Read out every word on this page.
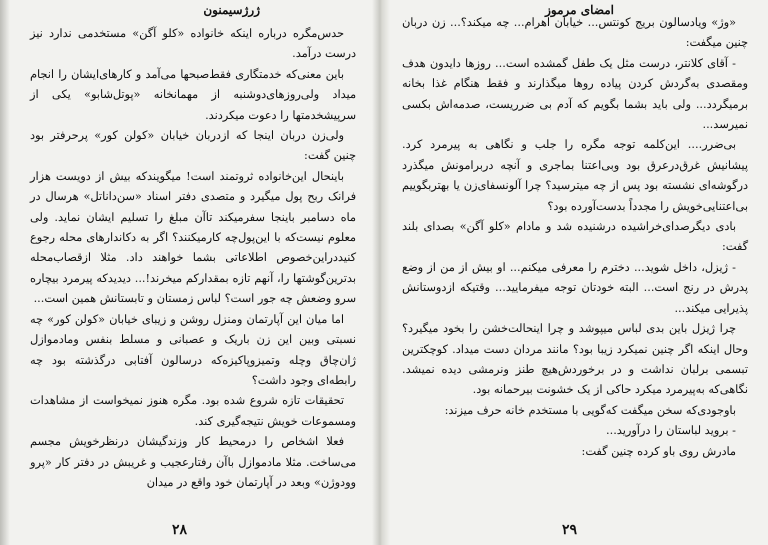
ژرژسیمنون

حدس‌مگره درباره اینکه خانواده «کلو آگن» مستخدمی ندارد نیز درست درآمد.

باین معنی‌که خدمتگاری فقط‌صبحها می‌آمد و کارهای‌ایشان را انجام میداد ولی‌روزهای‌دوشنبه از مهمانخانه «پوتل‌شابو» یکی از سرپیشخدمتها را دعوت میکردند.

ولی‌زن دربان اینجا که ازدربان خیابان «کولن کور» پرحرفتر بود چنین گفت:

باینحال این‌خانواده ثروتمند است! میگویند‌که بیش از دویست هزار فرانک ربح پول میگیرد و متصدی دفتر اسناد «سن‌داناتل» هرسال در ماه دسامبر باینجا سفرمیکند تاآن مبلغ را تسلیم ایشان نماید. ولی معلوم نیست‌که با این‌پول‌چه کارمیکنند؟ اگر به دکاندارهای محله رجوع کنیددراین‌خصوص اطلاعاتی بشما خواهند داد. مثلا ازقصاب‌محله بدترین‌گوشتها را، آنهم تازه بمقدارکم میخرند!... دیدید‌که پیرمرد بیچاره سرو وضعش چه جور است؟ لباس زمستان و تابستانش همین است...

اما میان این آپارتمان ومنزل روشن و زیبای خیابان «کولن کور» چه نسبتی وبین این زن باریک و عصبانی و مسلط بنفس ومادموازل ژان‌چاق وچله وتمیزوپاکیزه‌که درسالون آفتابی درگذشته بود چه رابطه‌ای وجود داشت؟

تحقیقات تازه شروع شده بود. مگره هنوز نمیخواست از مشاهدات ومسموعات خویش نتیجه‌گیری کند.

فعلا اشخاص را درمحیط کار وزندگیشان درنظرخویش مجسم می‌ساخت. مثلا مادموازل باآن رفتارعجیب و غریبش در دفتر کار «پرو وودوژن» وبعد در آپارتمان خود واقع در میدان

۲۸
امضای مرموز

«وژ» ویادسالون بریج کونتس... خیابان اهرام... چه میکند؟... زن دربان چنین میگفت:

- آقای کلانتر، درست مثل یک طفل گمشده است... روزها دایدون هدف ومقصدی به‌گردش کردن پیاده روها میگذارند و فقط هنگام غذا بخانه برمیگردد... ولی باید بشما بگویم که آدم بی ضرریست، صدمه‌اش بکسی نمیرسد...

بی‌ضرر.... این‌کلمه توجه مگره را جلب و نگاهی به پیرمرد کرد. پیشانیش غرق‌درعرق بود وبی‌اعتنا بماجری و آنچه دربرامونش میگذرد درگوشه‌ای نشسته بود پس از چه میترسید؟ چرا آلونسفای‌زن یا بهتربگوییم بی‌اعتنایی‌خویش را مجدداً بدست‌آورده بود؟

بادی دیگرصدای‌خراشیده درشنیده شد و مادام «کلو آگن» بصدای بلند گفت:

- ژیزل، داخل شوید... دخترم را معرفی میکنم... او بیش از من از وضع پدرش در رنج است... البته خودتان توجه میفرمایید... وقتیکه ازدوستانش پذیرایی میکند...

چرا ژیزل باین بدی لباس میپوشد و چرا اینحالت‌خشن را بخود میگیرد؟ وحال اینکه اگر چنین نمیکرد زیبا بود؟ مانند مردان دست میداد. کوچکترین تبسمی برلبان نداشت و در برخوردش‌هیچ طنز ونرمشی دیده نمیشد. نگاهی‌که به‌پیرمرد میکرد حاکی از یک خشونت بیرحمانه بود.

باوجودی‌که سخن میگفت که‌گویی با مستخدم خانه حرف میزند:

- بروید لباستان را درآورید...

مادرش روی باو کرده چنین گفت:

۲۹
